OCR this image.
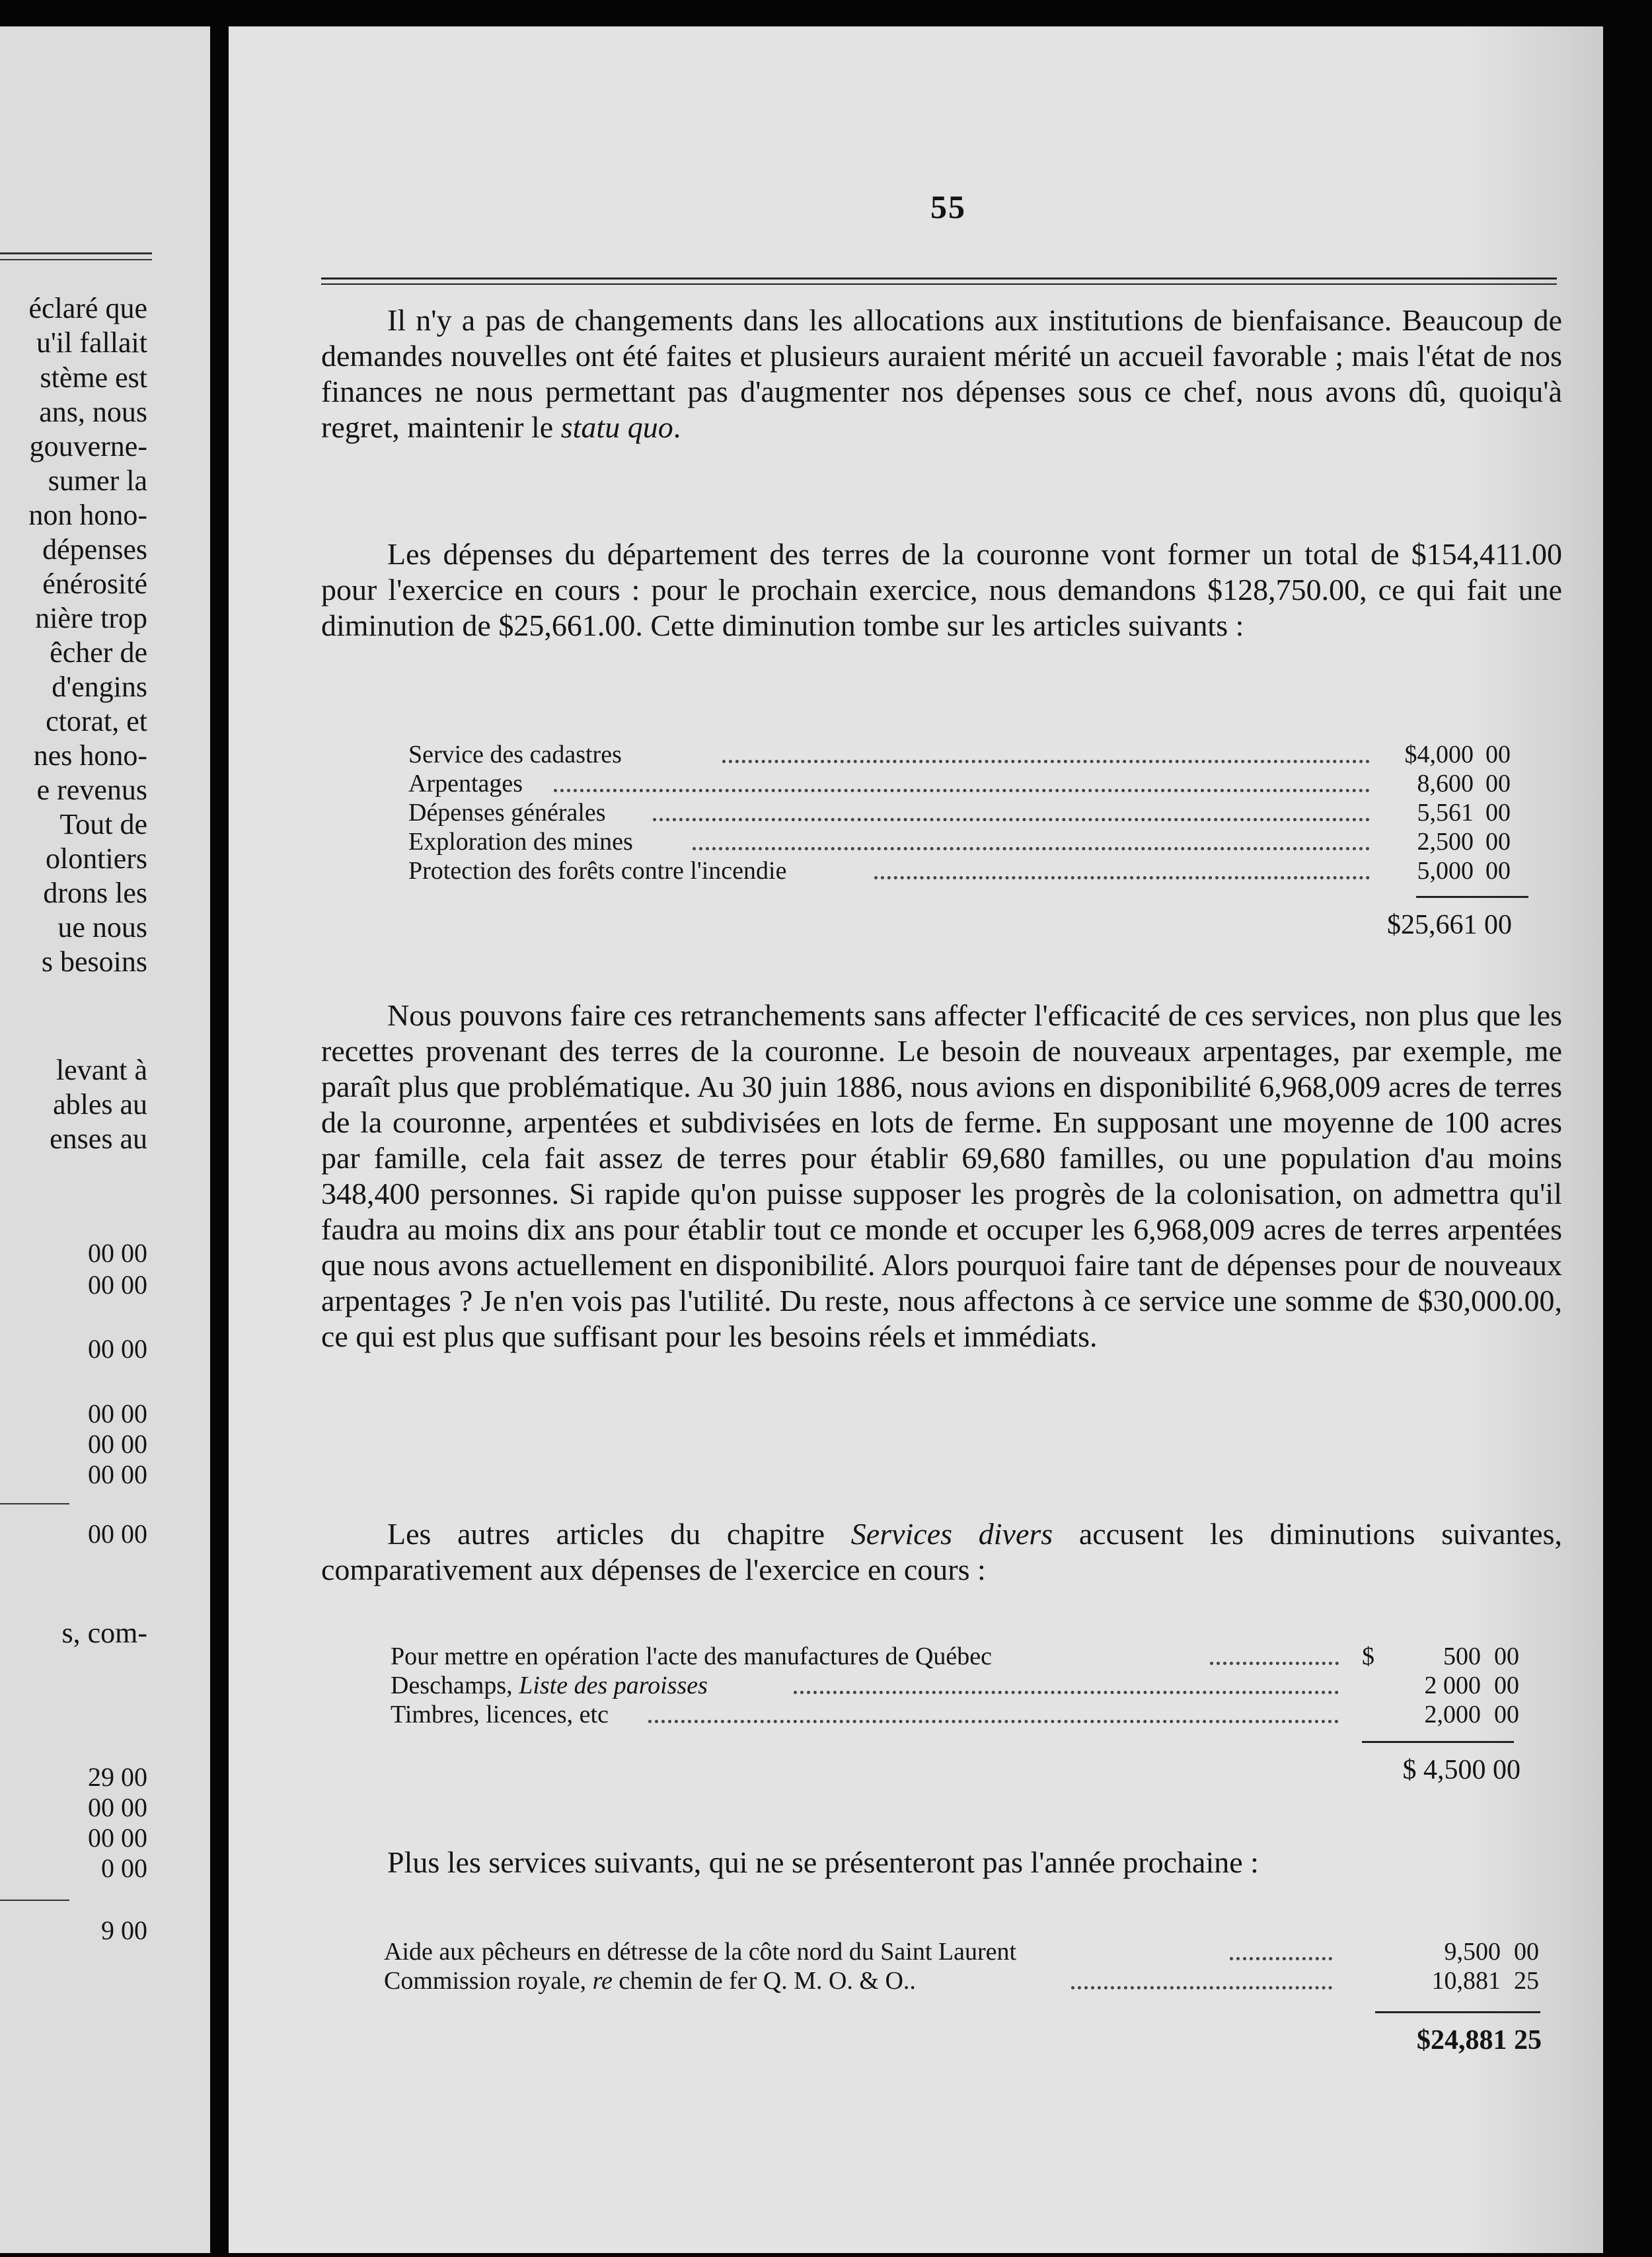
éclaré que
u'il fallait
stème est
ans, nous
gouverne-
sumer la
non hono-
dépenses
énérosité
nière trop
êcher de
d'engins
ctorat, et
nes hono-
e revenus
Tout de
olontiers
drons les
ue nous
s besoins
levant à
ables au
enses au
00 00
00 00
00 00
00 00
00 00
00 00
00 00
s, com-
29 00
00 00
00 00
0 00
9 00
55

Il n'y a pas de changements dans les allocations aux institutions de bienfaisance. Beaucoup de demandes nouvelles ont été faites et plusieurs auraient mérité un accueil favorable ; mais l'état de nos finances ne nous permettant pas d'augmenter nos dépenses sous ce chef, nous avons dû, quoiqu'à regret, maintenir le statu quo.

Les dépenses du département des terres de la couronne vont former un total de $154,411.00 pour l'exercice en cours : pour le prochain exercice, nous demandons $128,750.00, ce qui fait une diminution de $25,661.00. Cette diminution tombe sur les articles suivants :

Service des cadastres	$4,000 00
Arpentages	8,600 00
Dépenses générales	5,561 00
Exploration des mines	2,500 00
Protection des forêts contre l'incendie	5,000 00
$25,661 00

Nous pouvons faire ces retranchements sans affecter l'efficacité de ces services, non plus que les recettes provenant des terres de la couronne. Le besoin de nouveaux arpentages, par exemple, me paraît plus que problématique. Au 30 juin 1886, nous avions en disponibilité 6,968,009 acres de terres de la couronne, arpentées et subdivisées en lots de ferme. En supposant une moyenne de 100 acres par famille, cela fait assez de terres pour établir 69,680 familles, ou une population d'au moins 348,400 personnes. Si rapide qu'on puisse supposer les progrès de la colonisation, on admettra qu'il faudra au moins dix ans pour établir tout ce monde et occuper les 6,968,009 acres de terres arpentées que nous avons actuellement en disponibilité. Alors pourquoi faire tant de dépenses pour de nouveaux arpentages ? Je n'en vois pas l'utilité. Du reste, nous affectons à ce service une somme de $30,000.00, ce qui est plus que suffisant pour les besoins réels et immédiats.

Les autres articles du chapitre Services divers accusent les diminutions suivantes, comparativement aux dépenses de l'exercice en cours :

Pour mettre en opération l'acte des manufactures de Québec	$	500 00
Deschamps, Liste des paroisses	2 000 00
Timbres, licences, etc	2,000 00
$ 4,500 00

Plus les services suivants, qui ne se présenteront pas l'année prochaine :

Aide aux pêcheurs en détresse de la côte nord du Saint Laurent	9,500 00
Commission royale, re chemin de fer Q. M. O. & O..	10,881 25
$24,881 25
